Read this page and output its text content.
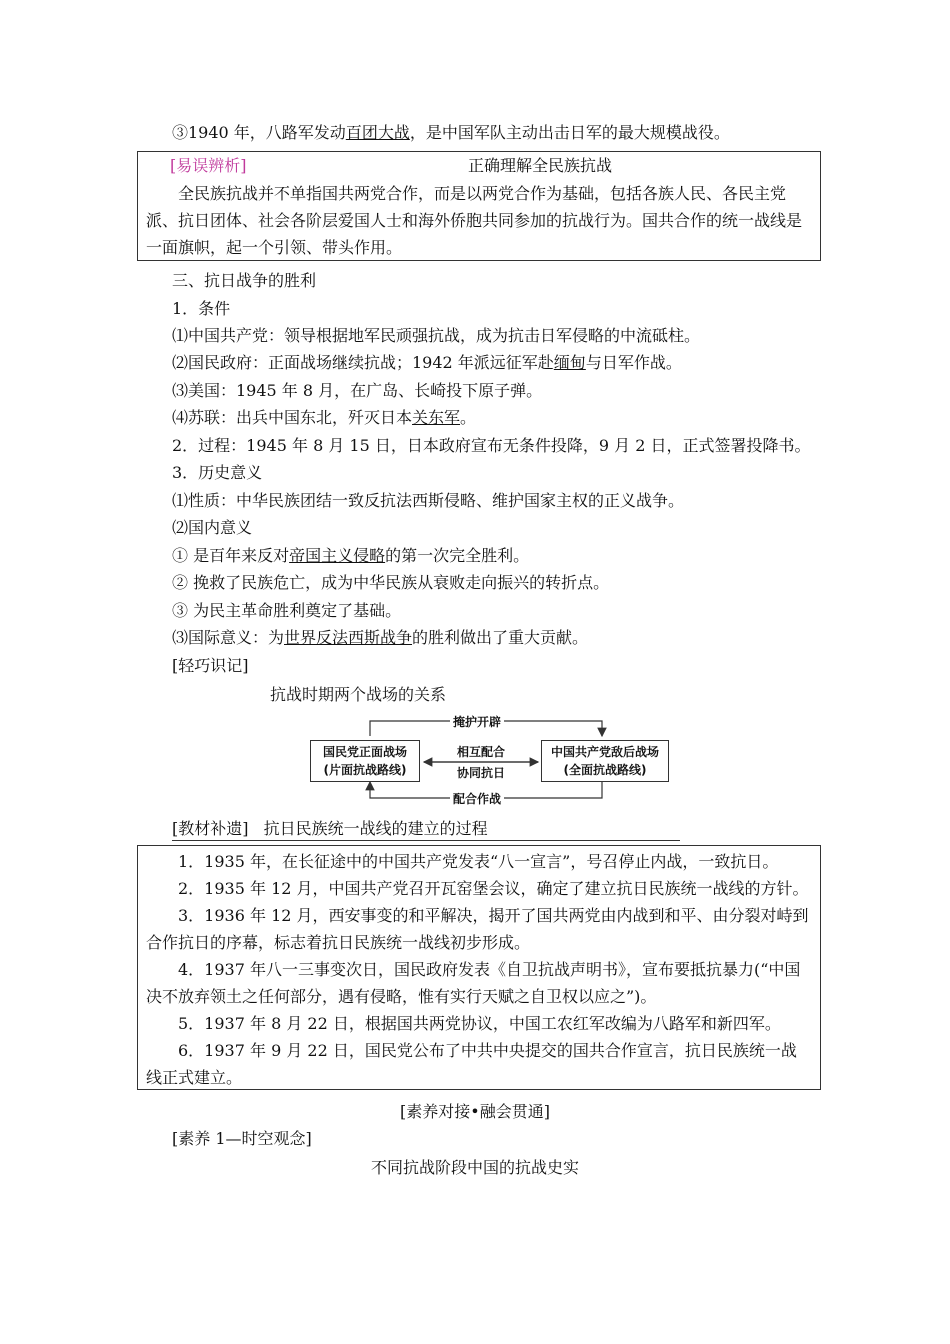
③1940 年，八路军发动百团大战，是中国军队主动出击日军的最大规模战役。
[易误辨析]	正确理解全民族抗战
全民族抗战并不单指国共两党合作，而是以两党合作为基础，包括各族人民、各民主党派、抗日团体、社会各阶层爱国人士和海外侨胞共同参加的抗战行为。国共合作的统一战线是一面旗帜，起一个引领、带头作用。
三、抗日战争的胜利
1．条件
⑴中国共产党：领导根据地军民顽强抗战，成为抗击日军侵略的中流砥柱。
⑵国民政府：正面战场继续抗战；1942 年派远征军赴缅甸与日军作战。
⑶美国：1945 年 8 月，在广岛、长崎投下原子弹。
⑷苏联：出兵中国东北，歼灭日本关东军。
2．过程：1945 年 8 月 15 日，日本政府宣布无条件投降，9 月 2 日，正式签署投降书。
3．历史意义
⑴性质：中华民族团结一致反抗法西斯侵略、维护国家主权的正义战争。
⑵国内意义
① 是百年来反对帝国主义侵略的第一次完全胜利。
② 挽救了民族危亡，成为中华民族从衰败走向振兴的转折点。
③ 为民主革命胜利奠定了基础。
⑶国际意义：为世界反法西斯战争的胜利做出了重大贡献。
[轻巧识记]
抗战时期两个战场的关系
国民党正面战场
(片面抗战路线)
中国共产党敌后战场
(全面抗战路线)
掩护开辟
相互配合
协同抗日
配合作战
[教材补遗] 抗日民族统一战线的建立的过程
1．1935 年，在长征途中的中国共产党发表“八一宣言”，号召停止内战，一致抗日。
2．1935 年 12 月，中国共产党召开瓦窑堡会议，确定了建立抗日民族统一战线的方针。
3．1936 年 12 月，西安事变的和平解决，揭开了国共两党由内战到和平、由分裂对峙到合作抗日的序幕，标志着抗日民族统一战线初步形成。
4．1937 年八一三事变次日，国民政府发表《自卫抗战声明书》，宣布要抵抗暴力(“中国决不放弃领土之任何部分，遇有侵略，惟有实行天赋之自卫权以应之”)。
5．1937 年 8 月 22 日，根据国共两党协议，中国工农红军改编为八路军和新四军。
6．1937 年 9 月 22 日，国民党公布了中共中央提交的国共合作宣言，抗日民族统一战线正式建立。
[素养对接•融会贯通]
[素养 1—时空观念]
不同抗战阶段中国的抗战史实
